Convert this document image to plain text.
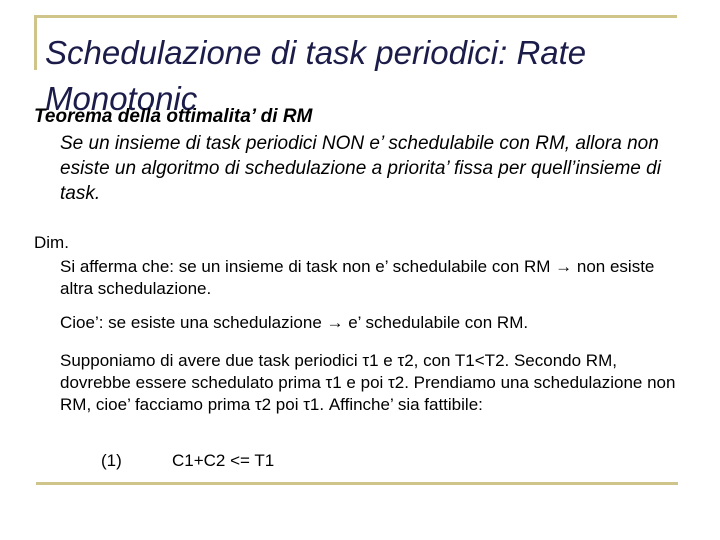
Schedulazione di task periodici: Rate Monotonic

Teorema della ottimalita’ di RM

Se un insieme di task periodici NON e’ schedulabile con RM, allora non esiste un algoritmo di schedulazione a priorita’ fissa per quell’insieme di task.

Dim.

Si afferma che: se un insieme di task non e’ schedulabile con RM → non esiste altra schedulazione.

Cioe’: se esiste una schedulazione → e’ schedulabile con RM.

Supponiamo di avere due task periodici τ1 e τ2, con T1<T2. Secondo RM, dovrebbe essere schedulato prima τ1 e poi τ2. Prendiamo una schedulazione non RM, cioe’ facciamo prima τ2 poi τ1. Affinche’ sia fattibile:

(1)	C1+C2 <= T1
